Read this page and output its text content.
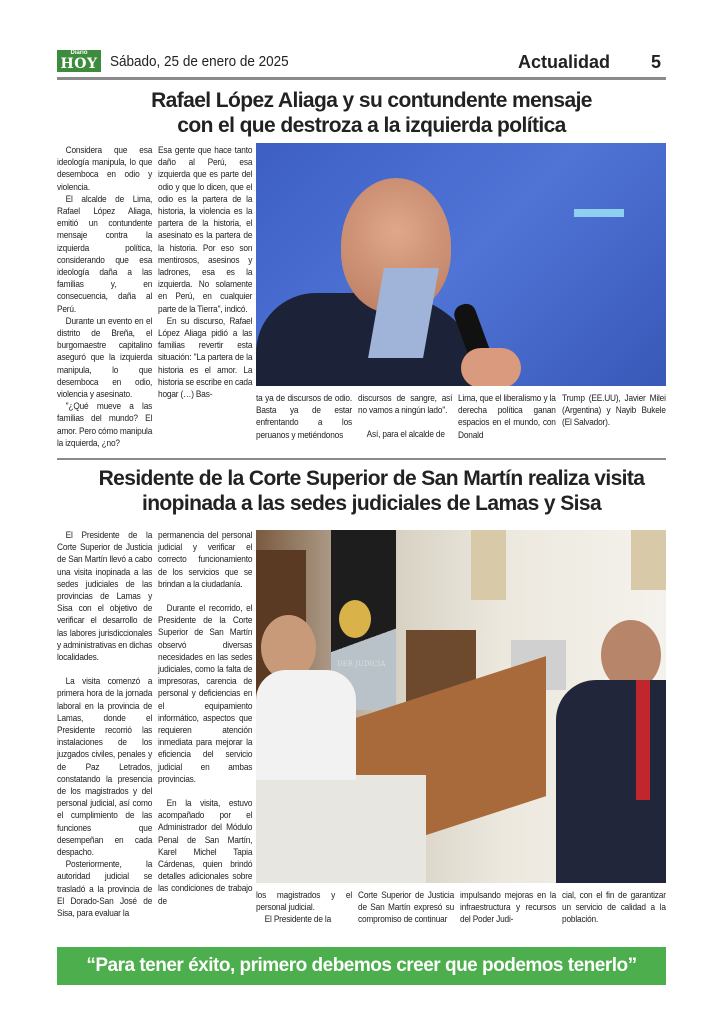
Diario
HOY Sábado, 25 de enero de 2025	Actualidad 5
Rafael López Aliaga y su contundente mensaje
con el que destroza a la izquierda política

Considera que esa ideología manipula, lo que desemboca en odio y violencia.

El alcalde de Lima, Rafael López Aliaga, emitió un contundente mensaje contra la izquierda política, considerando que esa ideología daña a las familias y, en consecuencia, daña al Perú.

Durante un evento en el distrito de Breña, el burgomaestre capitalino aseguró que la izquierda manipula, lo que desemboca en odio, violencia y asesinato.

"¿Qué mueve a las familias del mundo? El amor. Pero cómo manipula la izquierda, ¿no?

Esa gente que hace tanto daño al Perú, esa izquierda que es parte del odio y que lo dicen, que el odio es la partera de la historia, la violencia es la partera de la historia, el asesinato es la partera de la historia. Por eso son mentirosos, asesinos y ladrones, esa es la izquierda. No solamente en Perú, en cualquier parte de la Tierra", indicó.

En su discurso, Rafael López Aliaga pidió a las familias revertir esta situación: "La partera de la historia es el amor. La historia se escribe en cada hogar (…) Bas-	ta ya de discursos de odio. Basta ya de estar enfrentando a los peruanos y metiéndonos

discursos de sangre, así no vamos a ningún lado".

Así, para el alcalde de

Lima, que el liberalismo y la derecha política ganan espacios en el mundo, con Donald

Trump (EE.UU), Javier Milei (Argentina) y Nayib Bukele (El Salvador).

Residente de la Corte Superior de San Martín realiza visita
inopinada a las sedes judiciales de Lamas y Sisa

El Presidente de la Corte Superior de Justicia de San Martín llevó a cabo una visita inopinada a las sedes judiciales de las provincias de Lamas y Sisa con el objetivo de verificar el desarrollo de las labores jurisdiccionales y administrativas en dichas localidades.

La visita comenzó a primera hora de la jornada laboral en la provincia de Lamas, donde el Presidente recorrió las instalaciones de los juzgados civiles, penales y de Paz Letrados, constatando la presencia de los magistrados y del personal judicial, así como el cumplimiento de las funciones que desempeñan en cada despacho.

Posteriormente, la autoridad judicial se trasladó a la provincia de El Dorado-San José de Sisa, para evaluar la

permanencia del personal judicial y verificar el correcto funcionamiento de los servicios que se brindan a la ciudadanía.

Durante el recorrido, el Presidente de la Corte Superior de San Martín observó diversas necesidades en las sedes judiciales, como la falta de impresoras, carencia de personal y deficiencias en el equipamiento informático, aspectos que requieren atención inmediata para mejorar la eficiencia del servicio judicial en ambas provincias.

En la visita, estuvo acompañado por el Administrador del Módulo Penal de San Martín, Karel Michel Tapia Cárdenas, quien brindó detalles adicionales sobre las condiciones de trabajo de

DER JUDICIA

los magistrados y el personal judicial.

El Presidente de la

Corte Superior de Justicia de San Martín expresó su compromiso de continuar

impulsando mejoras en la infraestructura y recursos del Poder Judi-

cial, con el fin de garantizar un servicio de calidad a la población.

“Para tener éxito, primero debemos creer que podemos tenerlo”
